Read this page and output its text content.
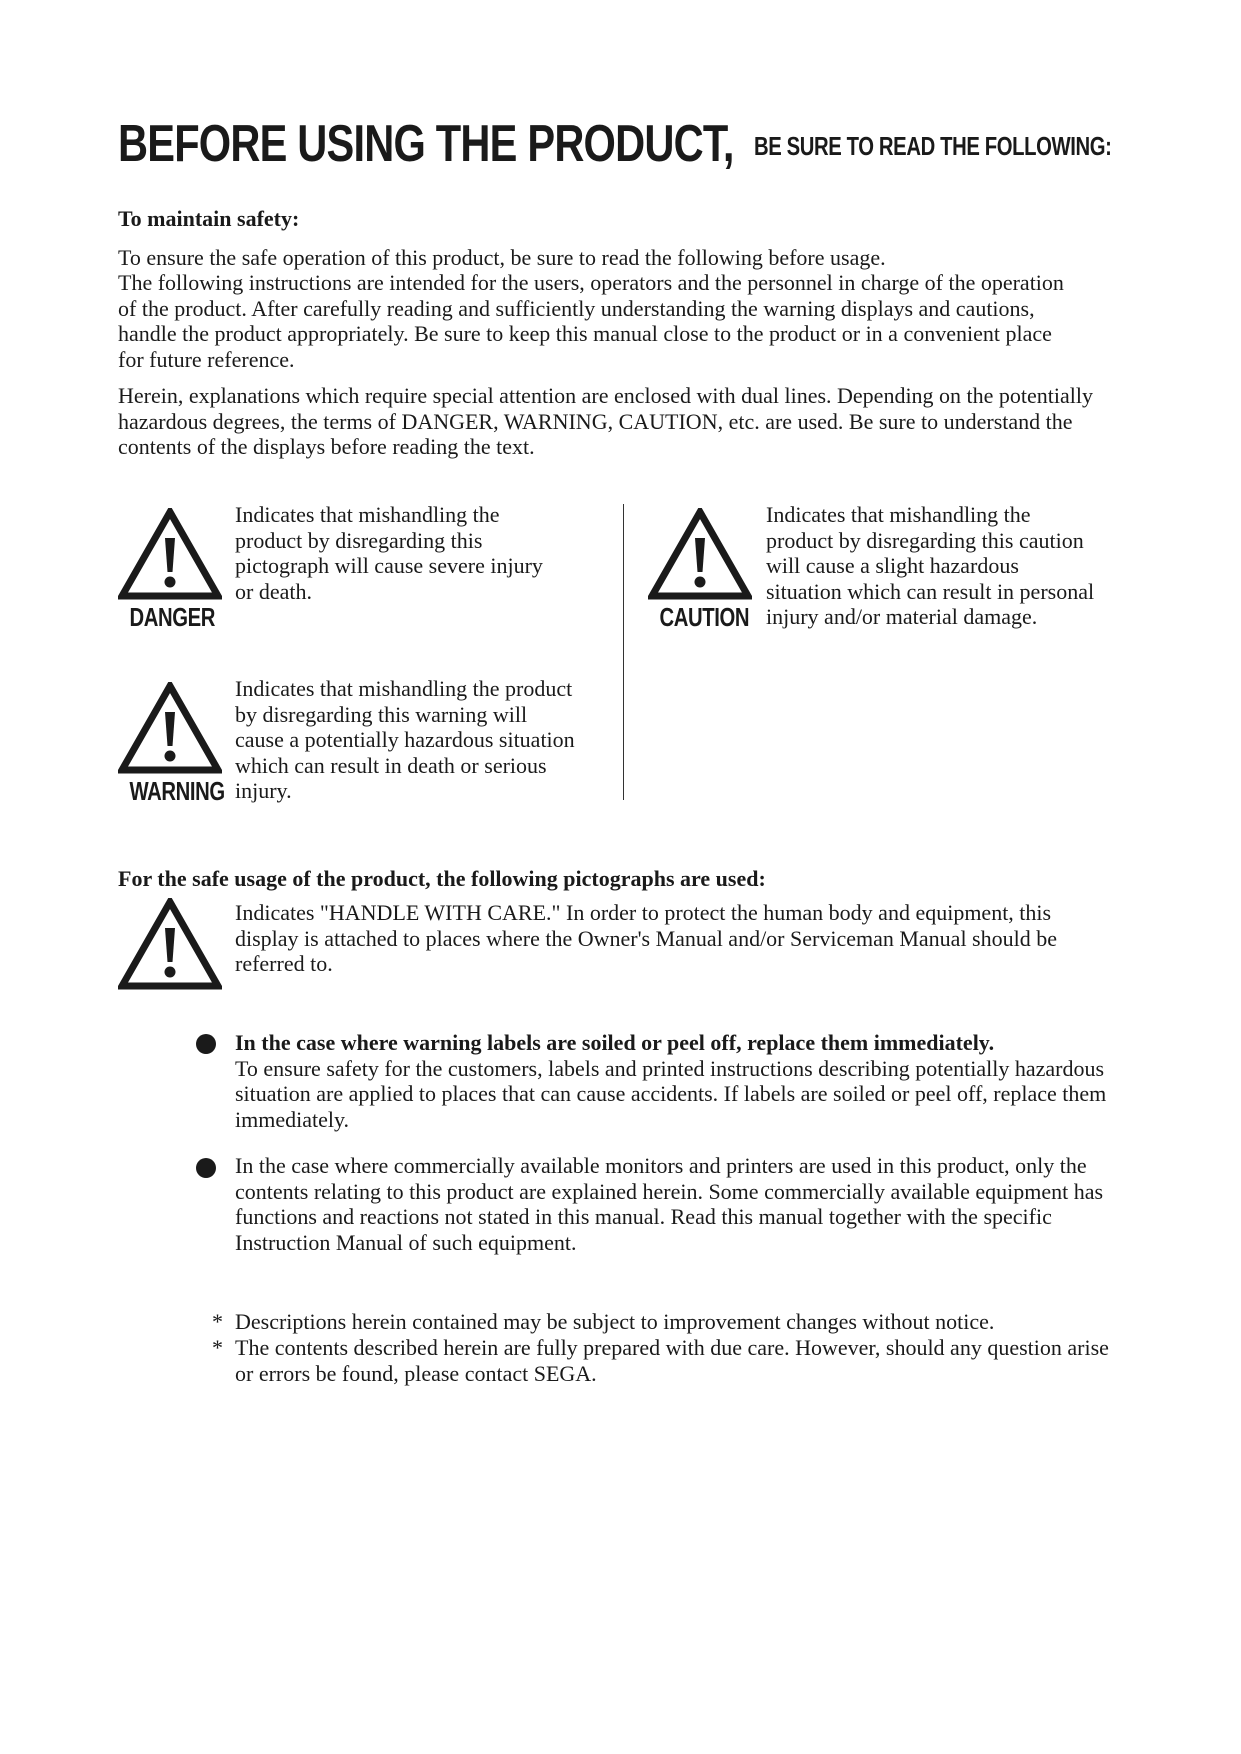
BEFORE USING THE PRODUCT, BE SURE TO READ THE FOLLOWING:
To maintain safety:
To ensure the safe operation of this product, be sure to read the following before usage.
The following instructions are intended for the users, operators and the personnel in charge of the operation of the product. After carefully reading and sufficiently understanding the warning displays and cautions, handle the product appropriately. Be sure to keep this manual close to the product or in a convenient place for future reference.
Herein, explanations which require special attention are enclosed with dual lines. Depending on the potentially hazardous degrees, the terms of DANGER, WARNING, CAUTION, etc. are used. Be sure to understand the contents of the displays before reading the text.
DANGER
Indicates that mishandling the product by disregarding this pictograph will cause severe injury or death.
WARNING
Indicates that mishandling the product by disregarding this warning will cause a potentially hazardous situation which can result in death or serious injury.
CAUTION
Indicates that mishandling the product by disregarding this caution will cause a slight hazardous situation which can result in personal injury and/or material damage.
For the safe usage of the product, the following pictographs are used:
Indicates "HANDLE WITH CARE." In order to protect the human body and equipment, this display is attached to places where the Owner's Manual and/or Serviceman Manual should be referred to.
In the case where warning labels are soiled or peel off, replace them immediately.
To ensure safety for the customers, labels and printed instructions describing potentially hazardous situation are applied to places that can cause accidents. If labels are soiled or peel off, replace them immediately.
In the case where commercially available monitors and printers are used in this product, only the contents relating to this product are explained herein. Some commercially available equipment has functions and reactions not stated in this manual. Read this manual together with the specific Instruction Manual of such equipment.
* Descriptions herein contained may be subject to improvement changes without notice.
* The contents described herein are fully prepared with due care. However, should any question arise or errors be found, please contact SEGA.
